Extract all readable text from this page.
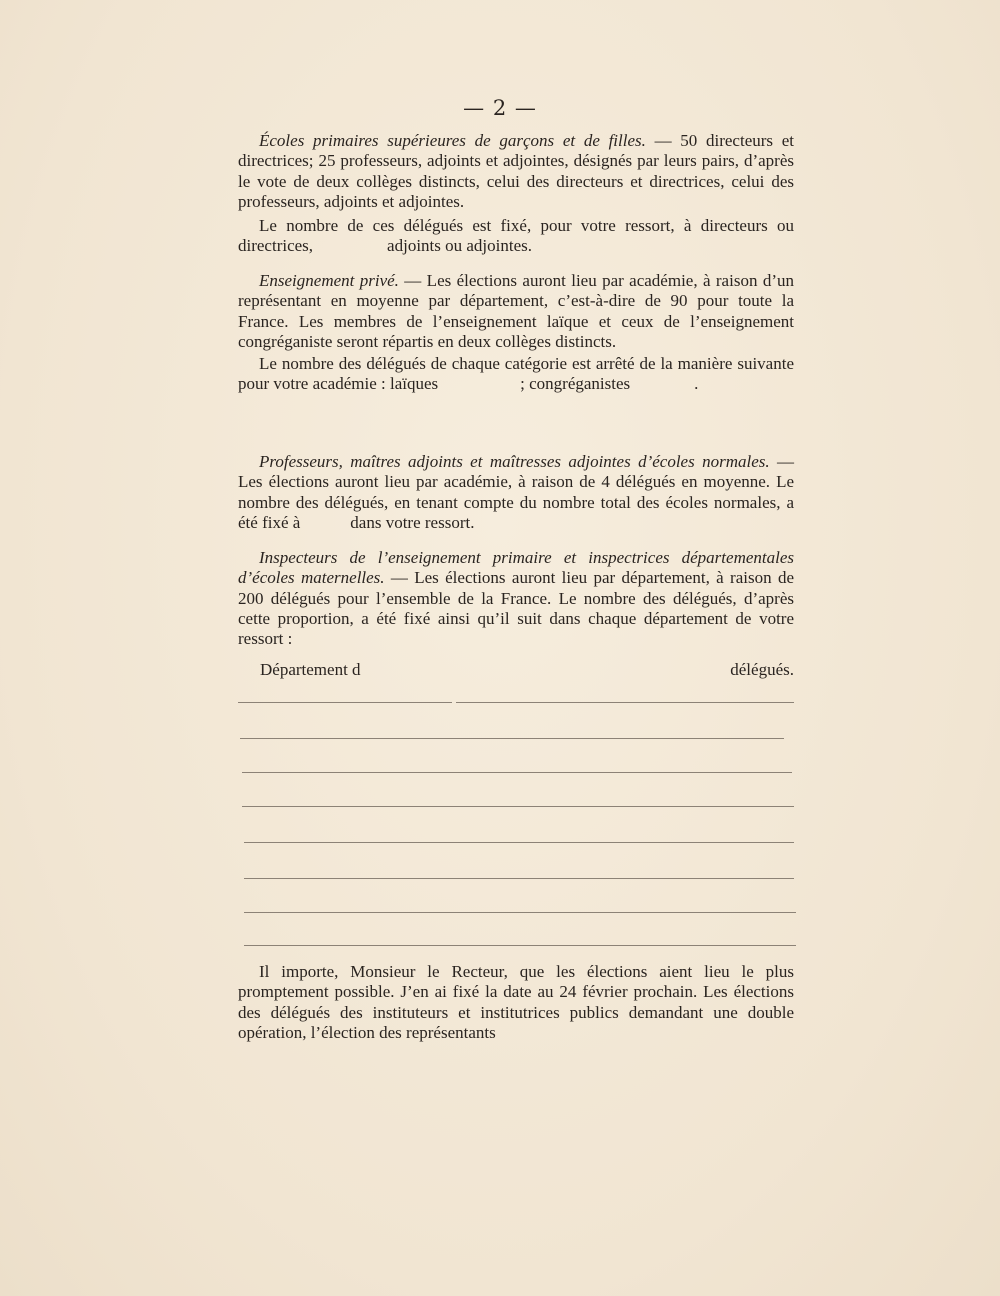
— 2 —

Écoles primaires supérieures de garçons et de filles. — 50 directeurs et directrices; 25 professeurs, adjoints et adjointes, désignés par leurs pairs, d’après le vote de deux collèges distincts, celui des directeurs et directrices, celui des professeurs, adjoints et adjointes.

Le nombre de ces délégués est fixé, pour votre ressort, à directeurs ou directrices,	adjoints ou adjointes.

Enseignement privé. — Les élections auront lieu par académie, à raison d’un représentant en moyenne par département, c’est-à-dire de 90 pour toute la France. Les membres de l’enseignement laïque et ceux de l’enseignement congréganiste seront répartis en deux collèges distincts.

Le nombre des délégués de chaque catégorie est arrêté de la manière suivante pour votre académie : laïques	; congréganistes	.

Professeurs, maîtres adjoints et maîtresses adjointes d’écoles normales. — Les élections auront lieu par académie, à raison de 4 délégués en moyenne. Le nombre des délégués, en tenant compte du nombre total des écoles normales, a été fixé à	dans votre ressort.

Inspecteurs de l’enseignement primaire et inspectrices départementales d’écoles maternelles. — Les élections auront lieu par département, à raison de 200 délégués pour l’ensemble de la France. Le nombre des délégués, d’après cette proportion, a été fixé ainsi qu’il suit dans chaque département de votre ressort :

Département d	délégués.

Il importe, Monsieur le Recteur, que les élections aient lieu le plus promptement possible. J’en ai fixé la date au 24 février prochain. Les élections des délégués des instituteurs et institutrices publics demandant une double opération, l’élection des représentants
